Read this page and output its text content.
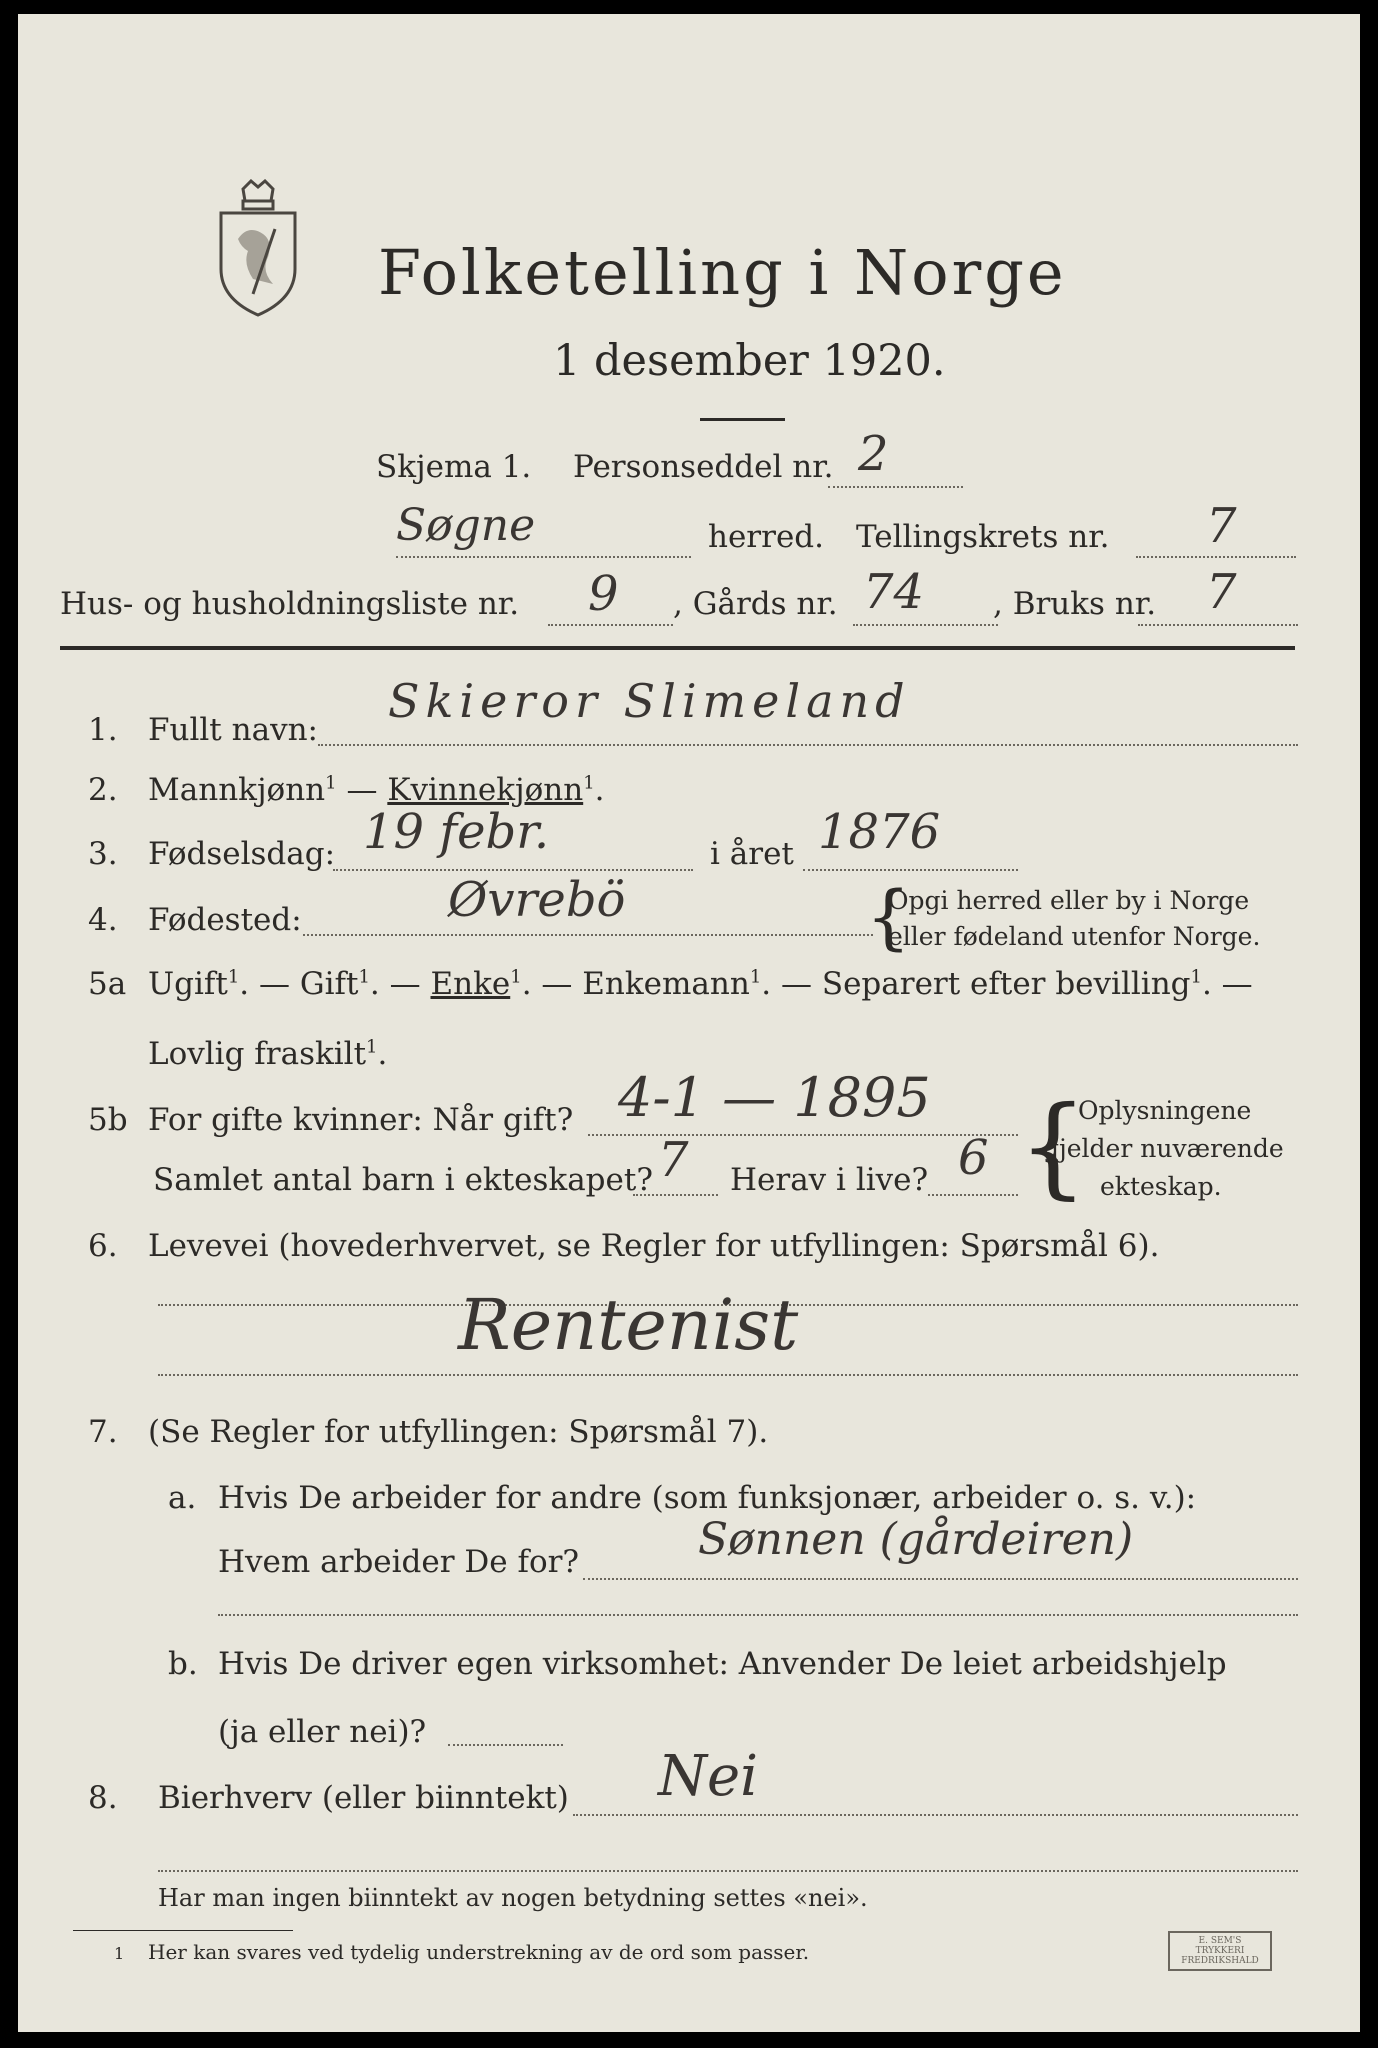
Folketelling i Norge
1 desember 1920.
Skjema 1. Personseddel nr. 2
Søgne	herred. Tellingskrets nr. 7
Hus- og husholdningsliste nr. 9 , Gårds nr. 74 , Bruks nr. 7
1. Fullt navn:
Skieror Slimeland
2. Mannkjønn$^1$ — Kvinnekjønn$^1$.
3. Fødselsdag: 19 febr.	i året 1876
4. Fødested:	Øvrebö	{
Opgi herred eller by i Norge
eller fødeland utenfor Norge.
5a Ugift$^1$. — Gift$^1$. — Enke$^1$. — Enkemann$^1$. — Separert efter bevilling$^1$. —
Lovlig fraskilt$^1$.
5b For gifte kvinner: Når gift? 4-1 — 1895
Samlet antal barn i ekteskapet? 7 Herav i live? 6 {
Oplysningene
gjelder nuværende
ekteskap.
6. Levevei (hovederhvervet, se Regler for utfyllingen: Spørsmål 6).
Rentenist
7. (Se Regler for utfyllingen: Spørsmål 7).
a. Hvis De arbeider for andre (som funksjonær, arbeider o. s. v.):
Hvem arbeider De for?	Sønnen (gårdeiren)
b. Hvis De driver egen virksomhet: Anvender De leiet arbeidshjelp
(ja eller nei)?
8. Bierhverv (eller biinntekt) Nei
Har man ingen biinntekt av nogen betydning settes «nei».
1 Her kan svares ved tydelig understrekning av de ord som passer.	E. SEM'S TRYKKERI FREDRIKSHALD
